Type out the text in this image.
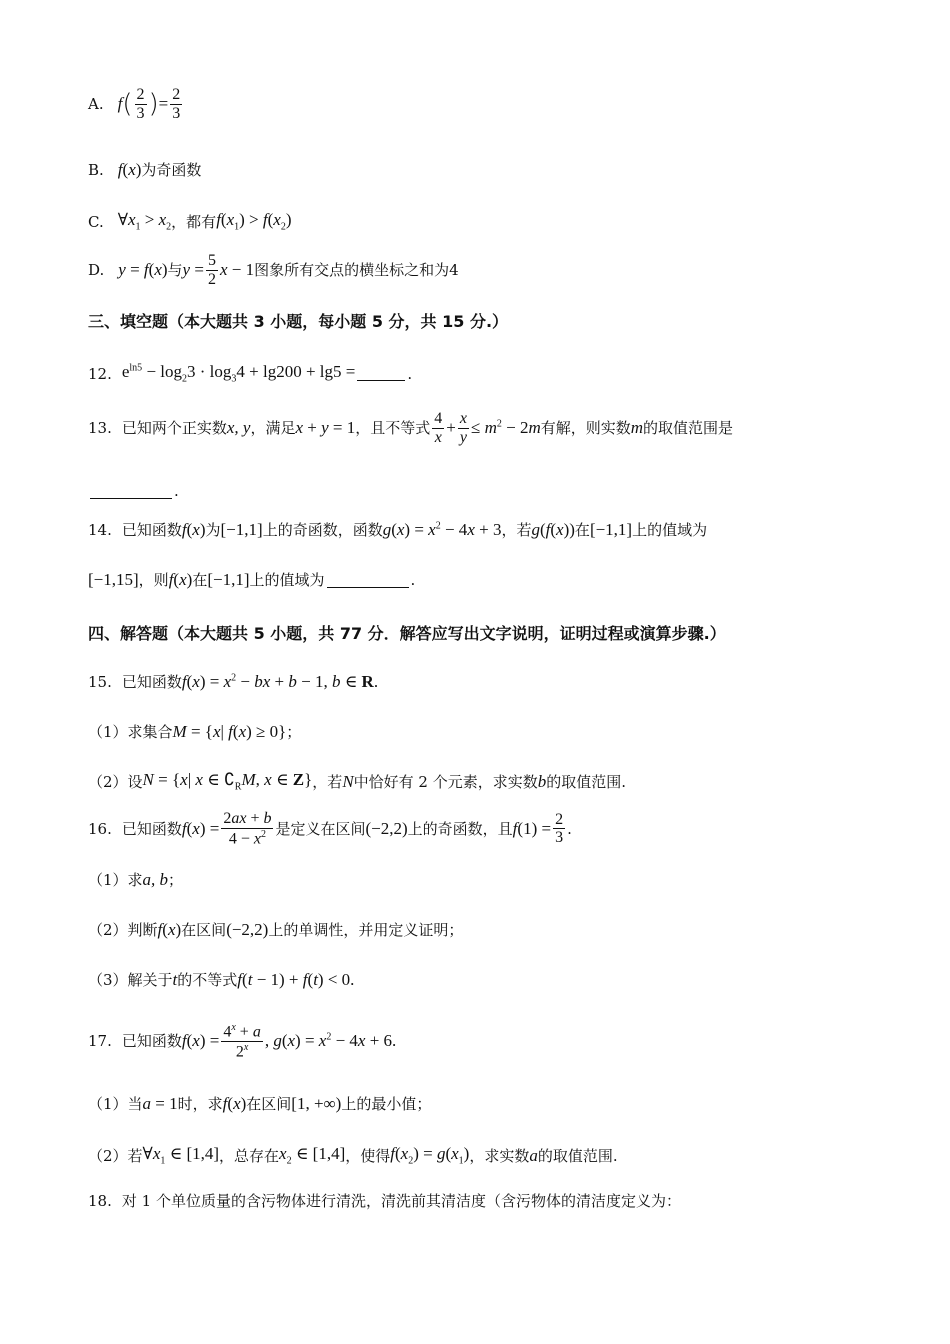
A. f ( $\frac{2}{3}$ ) = $\frac{2}{3}$
B. f(x) 为奇函数
C. $\forall x_1 > x_2$ ，都有 $f(x_1) > f(x_2)$
D. y = f(x) 与 $y = \frac{5}{2}$ x − 1 图象所有交点的横坐标之和为4
三、填空题（本大题共 3 小题，每小题 5 分，共 15 分.）
12. $e^{ln5} - \log_23 \cdot \log_34 + \lg 200 + \lg 5$ =	.
13. 已知两个正实数 x, y ，满足 x + y = 1 ，且不等式 $\frac{4}{x} + \frac{x}{y} \le m^2 - 2m$ 有解，则实数 m 的取值范围是
.
14. 已知函数 f(x) 为 [−1,1] 上的奇函数，函数 $g(x) = x^2 - 4x + 3$ ，若 g(f(x)) 在 [−1,1] 上的值域为
[−1,15] ，则 f(x) 在 [−1,1] 上的值域为	.
四、解答题（本大题共 5 小题，共 77 分．解答应写出文字说明，证明过程或演算步骤.）
15. 已知函数 $f(x) = x^2$ − bx + b − 1, b ∈ R.
（1）求集合 M = {x| f(x) ≥ 0} ；
（2）设 N = {x| x ∈ $∁_RM$, x ∈ Z} ，若 N 中恰好有 2 个元素，求实数 b 的取值范围.
16. 已知函数 $f(x) = \frac{2ax + b}{4 - x^2}$ 是定义在区间 (−2,2) 上的奇函数，且 $f(1) = \frac{2}{3}$ .
（1）求 a, b ；
（2）判断 f(x) 在区间 (−2,2) 上的单调性，并用定义证明；
（3）解关于 t 的不等式 f(t − 1) + f(t) < 0.
17. 已知函数 $f(x) = \frac{4^x + a}{2^x}$ , $g(x) = x^2 - 4x + 6$.
（1）当 a = 1 时，求 f(x) 在区间 [1, +∞) 上的最小值；
（2）若 $\forall x_1$ ∈ [1,4] ，总存在 $x_2$ ∈ [1,4] ，使得 $f(x_2) = g(x_1)$ ，求实数 a 的取值范围.
18. 对 1 个单位质量的含污物体进行清洗，清洗前其清洁度（含污物体的清洁度定义为：
